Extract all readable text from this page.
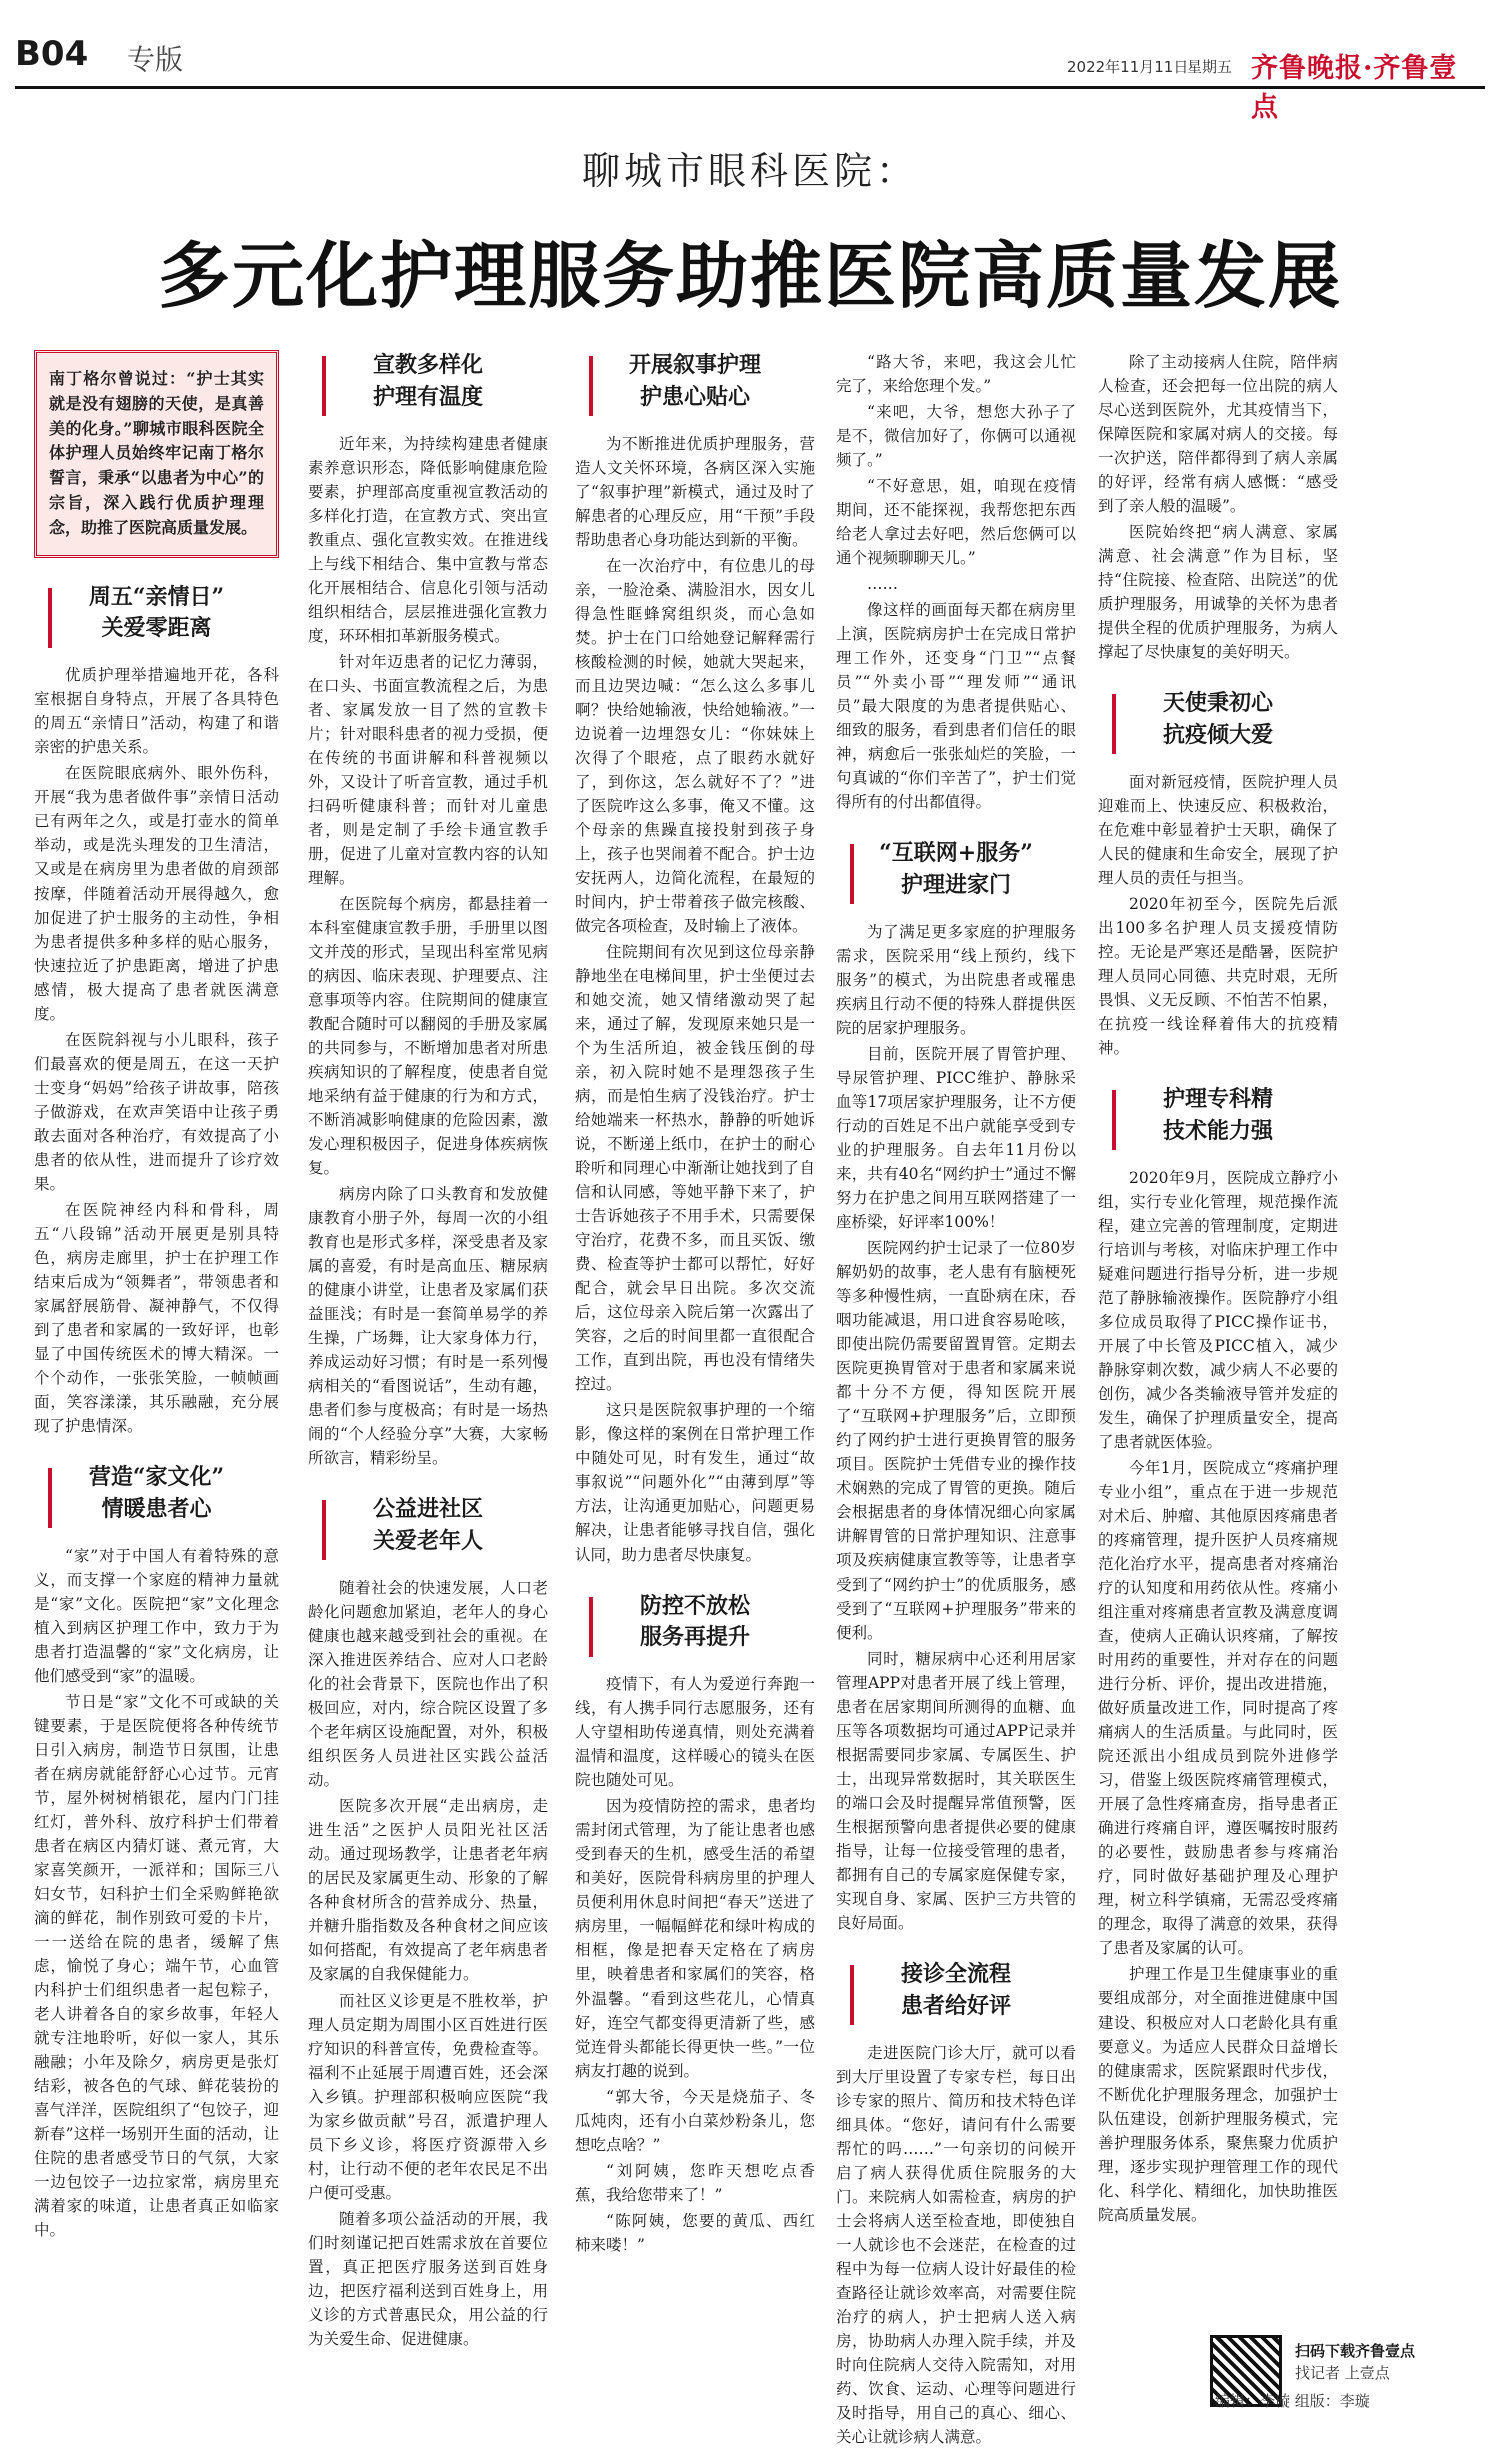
B04 专版	2022年11月11日
星期五 齐鲁晚报·齐鲁壹点
聊城市眼科医院：
多元化护理服务助推医院高质量发展
南丁格尔曾说过：“护士其实就是没有翅膀的天使，是真善美的化身。”聊城市眼科医院全体护理人员始终牢记南丁格尔誓言，秉承“以患者为中心”的宗旨，深入践行优质护理理念，助推了医院高质量发展。
周五“亲情日”
关爱零距离

优质护理举措遍地开花，各科室根据自身特点，开展了各具特色的周五“亲情日”活动，构建了和谐亲密的护患关系。

在医院眼底病外、眼外伤科，开展“我为患者做件事”亲情日活动已有两年之久，或是打壶水的简单举动，或是洗头理发的卫生清洁，又或是在病房里为患者做的肩颈部按摩，伴随着活动开展得越久，愈加促进了护士服务的主动性，争相为患者提供多种多样的贴心服务，快速拉近了护患距离，增进了护患感情，极大提高了患者就医满意度。

在医院斜视与小儿眼科，孩子们最喜欢的便是周五，在这一天护士变身“妈妈”给孩子讲故事，陪孩子做游戏，在欢声笑语中让孩子勇敢去面对各种治疗，有效提高了小患者的依从性，进而提升了诊疗效果。

在医院神经内科和骨科，周五“八段锦”活动开展更是别具特色，病房走廊里，护士在护理工作结束后成为“领舞者”，带领患者和家属舒展筋骨、凝神静气，不仅得到了患者和家属的一致好评，也彰显了中国传统医术的博大精深。一个个动作，一张张笑脸，一帧帧画面，笑容漾漾，其乐融融，充分展现了护患情深。

营造“家文化”
情暖患者心

“家”对于中国人有着特殊的意义，而支撑一个家庭的精神力量就是“家”文化。医院把“家”文化理念植入到病区护理工作中，致力于为患者打造温馨的“家”文化病房，让他们感受到“家”的温暖。

节日是“家”文化不可或缺的关键要素，于是医院便将各种传统节日引入病房，制造节日氛围，让患者在病房就能舒舒心心过节。元宵节，屋外树树梢银花，屋内门门挂红灯，普外科、放疗科护士们带着患者在病区内猜灯谜、煮元宵，大家喜笑颜开，一派祥和；国际三八妇女节，妇科护士们全采购鲜艳欲滴的鲜花，制作别致可爱的卡片，一一送给在院的患者，缓解了焦虑，愉悦了身心；端午节，心血管内科护士们组织患者一起包粽子，老人讲着各自的家乡故事，年轻人就专注地聆听，好似一家人，其乐融融；小年及除夕，病房更是张灯结彩，被各色的气球、鲜花装扮的喜气洋洋，医院组织了“包饺子，迎新春”这样一场别开生面的活动，让住院的患者感受节日的气氛，大家一边包饺子一边拉家常，病房里充满着家的味道，让患者真正如临家中。

宣教多样化
护理有温度

近年来，为持续构建患者健康素养意识形态，降低影响健康危险要素，护理部高度重视宣教活动的多样化打造，在宣教方式、突出宣教重点、强化宣教实效。在推进线上与线下相结合、集中宣教与常态化开展相结合、信息化引领与活动组织相结合，层层推进强化宣教力度，环环相扣革新服务模式。

针对年迈患者的记忆力薄弱，在口头、书面宣教流程之后，为患者、家属发放一目了然的宣教卡片；针对眼科患者的视力受损，便在传统的书面讲解和科普视频以外，又设计了听音宣教，通过手机扫码听健康科普；而针对儿童患者，则是定制了手绘卡通宣教手册，促进了儿童对宣教内容的认知理解。

在医院每个病房，都悬挂着一本科室健康宣教手册，手册里以图文并茂的形式，呈现出科室常见病的病因、临床表现、护理要点、注意事项等内容。住院期间的健康宣教配合随时可以翻阅的手册及家属的共同参与，不断增加患者对所患疾病知识的了解程度，使患者自觉地采纳有益于健康的行为和方式，不断消减影响健康的危险因素，激发心理积极因子，促进身体疾病恢复。

病房内除了口头教育和发放健康教育小册子外，每周一次的小组教育也是形式多样，深受患者及家属的喜爱，有时是高血压、糖尿病的健康小讲堂，让患者及家属们获益匪浅；有时是一套简单易学的养生操，广场舞，让大家身体力行，养成运动好习惯；有时是一系列慢病相关的“看图说话”，生动有趣，患者们参与度极高；有时是一场热闹的“个人经验分享”大赛，大家畅所欲言，精彩纷呈。

公益进社区
关爱老年人

随着社会的快速发展，人口老龄化问题愈加紧迫，老年人的身心健康也越来越受到社会的重视。在深入推进医养结合、应对人口老龄化的社会背景下，医院也作出了积极回应，对内，综合院区设置了多个老年病区设施配置，对外，积极组织医务人员进社区实践公益活动。

医院多次开展“走出病房，走进生活”之医护人员阳光社区活动。通过现场教学，让患者老年病的居民及家属更生动、形象的了解各种食材所含的营养成分、热量，并糖升脂指数及各种食材之间应该如何搭配，有效提高了老年病患者及家属的自我保健能力。

而社区义诊更是不胜枚举，护理人员定期为周围小区百姓进行医疗知识的科普宣传，免费检查等。福利不止延展于周遭百姓，还会深入乡镇。护理部积极响应医院“我为家乡做贡献”号召，派遣护理人员下乡义诊，将医疗资源带入乡村，让行动不便的老年农民足不出户便可受惠。

随着多项公益活动的开展，我们时刻谨记把百姓需求放在首要位置，真正把医疗服务送到百姓身边，把医疗福利送到百姓身上，用义诊的方式普惠民众，用公益的行为关爱生命、促进健康。

开展叙事护理
护患心贴心

为不断推进优质护理服务，营造人文关怀环境，各病区深入实施了“叙事护理”新模式，通过及时了解患者的心理反应，用“干预”手段帮助患者心身功能达到新的平衡。

在一次治疗中，有位患儿的母亲，一脸沧桑、满脸泪水，因女儿得急性眶蜂窝组织炎，而心急如焚。护士在门口给她登记解释需行核酸检测的时候，她就大哭起来，而且边哭边喊：“怎么这么多事儿啊？快给她输液，快给她输液。”一边说着一边埋怨女儿：“你妹妹上次得了个眼疮，点了眼药水就好了，到你这，怎么就好不了？”进了医院咋这么多事，俺又不懂。这个母亲的焦躁直接投射到孩子身上，孩子也哭闹着不配合。护士边安抚两人，边简化流程，在最短的时间内，护士带着孩子做完核酸、做完各项检查，及时输上了液体。

住院期间有次见到这位母亲静静地坐在电梯间里，护士坐便过去和她交流，她又情绪激动哭了起来，通过了解，发现原来她只是一个为生活所迫，被金钱压倒的母亲，初入院时她不是理怨孩子生病，而是怕生病了没钱治疗。护士给她端来一杯热水，静静的听她诉说，不断递上纸巾，在护士的耐心聆听和同理心中渐渐让她找到了自信和认同感，等她平静下来了，护士告诉她孩子不用手术，只需要保守治疗，花费不多，而且买饭、缴费、检查等护士都可以帮忙，好好配合，就会早日出院。多次交流后，这位母亲入院后第一次露出了笑容，之后的时间里都一直很配合工作，直到出院，再也没有情绪失控过。

这只是医院叙事护理的一个缩影，像这样的案例在日常护理工作中随处可见，时有发生，通过“故事叙说”“问题外化”“由薄到厚”等方法，让沟通更加贴心，问题更易解决，让患者能够寻找自信，强化认同，助力患者尽快康复。

防控不放松
服务再提升

疫情下，有人为爱逆行奔跑一线，有人携手同行志愿服务，还有人守望相助传递真情，则处充满着温情和温度，这样暖心的镜头在医院也随处可见。

因为疫情防控的需求，患者均需封闭式管理，为了能让患者也感受到春天的生机，感受生活的希望和美好，医院骨科病房里的护理人员便利用休息时间把“春天”送进了病房里，一幅幅鲜花和绿叶构成的相框，像是把春天定格在了病房里，映着患者和家属们的笑容，格外温馨。“看到这些花儿，心情真好，连空气都变得更清新了些，感觉连骨头都能长得更快一些。”一位病友打趣的说到。

“郭大爷，今天是烧茄子、冬瓜炖肉，还有小白菜炒粉条儿，您想吃点啥？”

“刘阿姨，您昨天想吃点香蕉，我给您带来了！”

“陈阿姨，您要的黄瓜、西红柿来喽！”

“路大爷，来吧，我这会儿忙完了，来给您理个发。”

“来吧，大爷，想您大孙子了是不，微信加好了，你俩可以通视频了。”

“不好意思，姐，咱现在疫情期间，还不能探视，我帮您把东西给老人拿过去好吧，然后您俩可以通个视频聊聊天儿。”

……

像这样的画面每天都在病房里上演，医院病房护士在完成日常护理工作外，还变身“门卫”“点餐员”“外卖小哥”“理发师”“通讯员”最大限度的为患者提供贴心、细致的服务，看到患者们信任的眼神，病愈后一张张灿烂的笑脸，一句真诚的“你们辛苦了”，护士们觉得所有的付出都值得。

“互联网+服务”
护理进家门

为了满足更多家庭的护理服务需求，医院采用“线上预约，线下服务”的模式，为出院患者或罹患疾病且行动不便的特殊人群提供医院的居家护理服务。

目前，医院开展了胃管护理、导尿管护理、PICC维护、静脉采血等17项居家护理服务，让不方便行动的百姓足不出户就能享受到专业的护理服务。自去年11月份以来，共有40名“网约护士”通过不懈努力在护患之间用互联网搭建了一座桥梁，好评率100%！

医院网约护士记录了一位80岁解奶奶的故事，老人患有有脑梗死等多种慢性病，一直卧病在床，吞咽功能减退，用口进食容易呛咳，即使出院仍需要留置胃管。定期去医院更换胃管对于患者和家属来说都十分不方便，得知医院开展了“互联网+护理服务”后，立即预约了网约护士进行更换胃管的服务项目。医院护士凭借专业的操作技术娴熟的完成了胃管的更换。随后会根据患者的身体情况细心向家属讲解胃管的日常护理知识、注意事项及疾病健康宣教等等，让患者享受到了“网约护士”的优质服务，感受到了“互联网+护理服务”带来的便利。

同时，糖尿病中心还利用居家管理APP对患者开展了线上管理，患者在居家期间所测得的血糖、血压等各项数据均可通过APP记录并根据需要同步家属、专属医生、护士，出现异常数据时，其关联医生的端口会及时提醒异常值预警，医生根据预警向患者提供必要的健康指导，让每一位接受管理的患者，都拥有自己的专属家庭保健专家，实现自身、家属、医护三方共管的良好局面。

接诊全流程
患者给好评

走进医院门诊大厅，就可以看到大厅里设置了专家专栏，每日出诊专家的照片、简历和技术特色详细具体。“您好，请问有什么需要帮忙的吗……”一句亲切的问候开启了病人获得优质住院服务的大门。来院病人如需检查，病房的护士会将病人送至检查地，即使独自一人就诊也不会迷茫，在检查的过程中为每一位病人设计好最佳的检查路径让就诊效率高，对需要住院治疗的病人，护士把病人送入病房，协助病人办理入院手续，并及时向住院病人交待入院需知，对用药、饮食、运动、心理等问题进行及时指导，用自己的真心、细心、关心让就诊病人满意。

除了主动接病人住院，陪伴病人检查，还会把每一位出院的病人尽心送到医院外，尤其疫情当下，保障医院和家属对病人的交接。每一次护送，陪伴都得到了病人亲属的好评，经常有病人感慨：“感受到了亲人般的温暖”。

医院始终把“病人满意、家属满意、社会满意”作为目标，坚持“住院接、检查陪、出院送”的优质护理服务，用诚挚的关怀为患者提供全程的优质护理服务，为病人撑起了尽快康复的美好明天。

天使秉初心
抗疫倾大爱

面对新冠疫情，医院护理人员迎难而上、快速反应、积极救治，在危难中彰显着护士天职，确保了人民的健康和生命安全，展现了护理人员的责任与担当。

2020年初至今，医院先后派出100多名护理人员支援疫情防控。无论是严寒还是酷暑，医院护理人员同心同德、共克时艰，无所畏惧、义无反顾、不怕苦不怕累，在抗疫一线诠释着伟大的抗疫精神。

护理专科精
技术能力强

2020年9月，医院成立静疗小组，实行专业化管理，规范操作流程，建立完善的管理制度，定期进行培训与考核，对临床护理工作中疑难问题进行指导分析，进一步规范了静脉输液操作。医院静疗小组多位成员取得了PICC操作证书，开展了中长管及PICC植入，减少静脉穿刺次数，减少病人不必要的创伤，减少各类输液导管并发症的发生，确保了护理质量安全，提高了患者就医体验。

今年1月，医院成立“疼痛护理专业小组”，重点在于进一步规范对术后、肿瘤、其他原因疼痛患者的疼痛管理，提升医护人员疼痛规范化治疗水平，提高患者对疼痛治疗的认知度和用药依从性。疼痛小组注重对疼痛患者宣教及满意度调查，使病人正确认识疼痛，了解按时用药的重要性，并对存在的问题进行分析、评价，提出改进措施，做好质量改进工作，同时提高了疼痛病人的生活质量。与此同时，医院还派出小组成员到院外进修学习，借鉴上级医院疼痛管理模式，开展了急性疼痛查房，指导患者正确进行疼痛自评，遵医嘱按时服药的必要性，鼓励患者参与疼痛治疗，同时做好基础护理及心理护理，树立科学镇痛，无需忍受疼痛的理念，取得了满意的效果，获得了患者及家属的认可。

护理工作是卫生健康事业的重要组成部分，对全面推进健康中国建设、积极应对人口老龄化具有重要意义。为适应人民群众日益增长的健康需求，医院紧跟时代步伐，不断优化护理服务理念，加强护士队伍建设，创新护理服务模式，完善护理服务体系，聚焦聚力优质护理，逐步实现护理管理工作的现代化、科学化、精细化，加快助推医院高质量发展。

扫码下载齐鲁壹点
找记者 上壹点
编辑：李璇 组版：李璇
